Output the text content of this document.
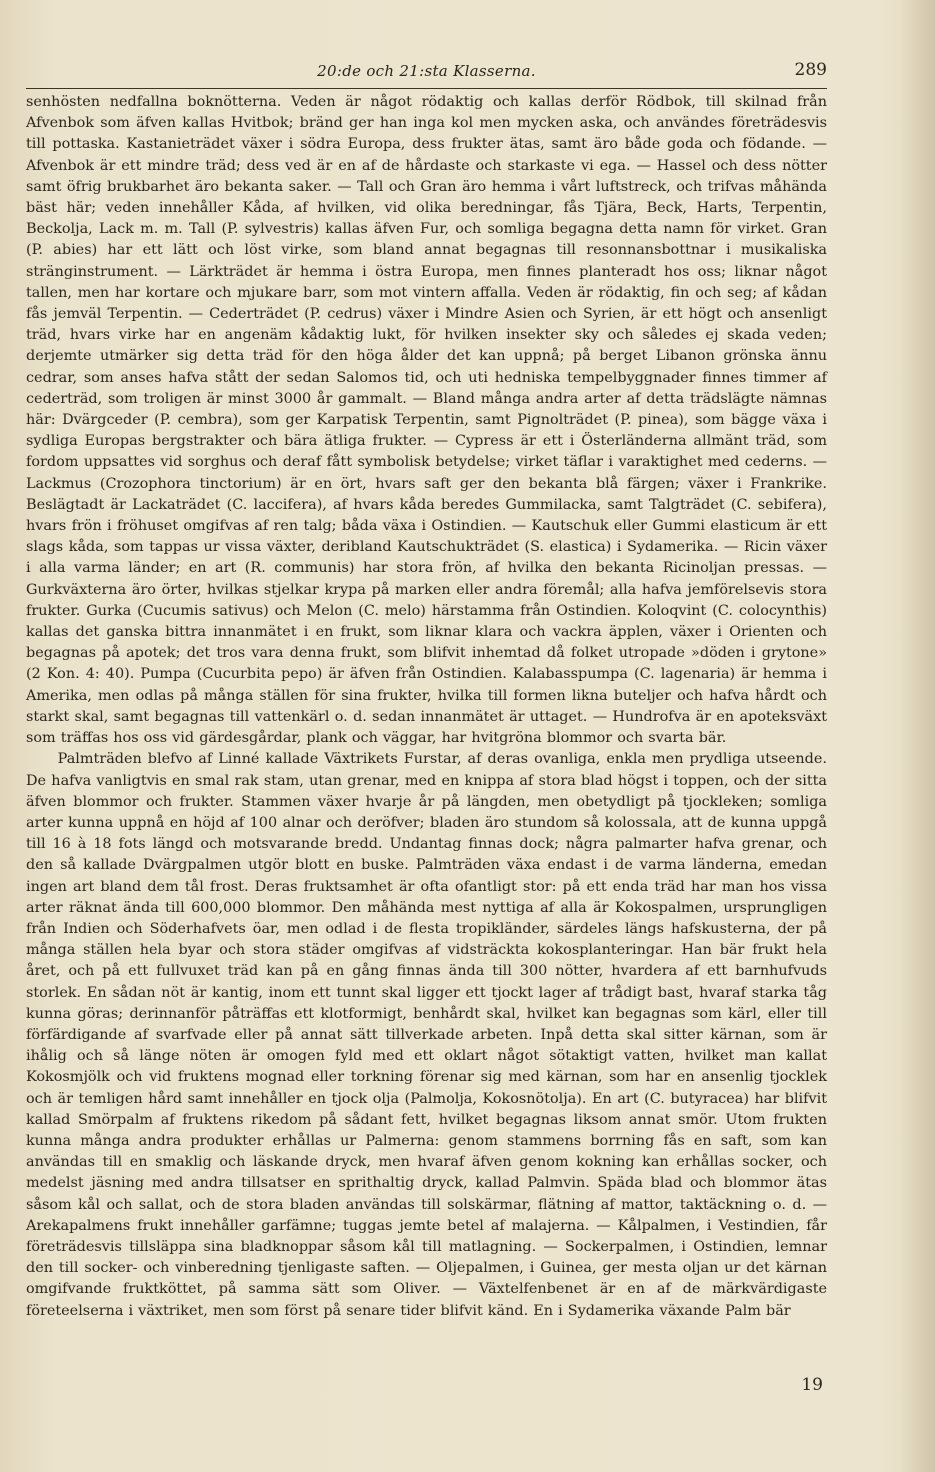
20:de och 21:sta Klasserna.	289

senhösten nedfallna boknötterna. Veden är något rödaktig och kallas derför Rödbok, till skilnad från Afvenbok som äfven kallas Hvitbok; bränd ger han inga kol men mycken aska, och användes företrädesvis till pottaska. Kastanieträdet växer i södra Europa, dess frukter ätas, samt äro både goda och födande. — Afvenbok är ett mindre träd; dess ved är en af de hårdaste och starkaste vi ega. — Hassel och dess nötter samt öfrig brukbarhet äro bekanta saker. — Tall och Gran äro hemma i vårt luftstreck, och trifvas måhända bäst här; veden innehåller Kåda, af hvilken, vid olika beredningar, fås Tjära, Beck, Harts, Terpentin, Beckolja, Lack m. m. Tall (P. sylvestris) kallas äfven Fur, och somliga begagna detta namn för virket. Gran (P. abies) har ett lätt och löst virke, som bland annat begagnas till resonnansbottnar i musikaliska stränginstrument. — Lärkträdet är hemma i östra Europa, men finnes planteradt hos oss; liknar något tallen, men har kortare och mjukare barr, som mot vintern affalla. Veden är rödaktig, fin och seg; af kådan fås jemväl Terpentin. — Cederträdet (P. cedrus) växer i Mindre Asien och Syrien, är ett högt och ansenligt träd, hvars virke har en angenäm kådaktig lukt, för hvilken insekter sky och således ej skada veden; derjemte utmärker sig detta träd för den höga ålder det kan uppnå; på berget Libanon grönska ännu cedrar, som anses hafva stått der sedan Salomos tid, och uti hedniska tempelbyggnader finnes timmer af cederträd, som troligen är minst 3000 år gammalt. — Bland många andra arter af detta trädslägte nämnas här: Dvärgceder (P. cembra), som ger Karpatisk Terpentin, samt Pignolträdet (P. pinea), som bägge växa i sydliga Europas bergstrakter och bära ätliga frukter. — Cypress är ett i Österländerna allmänt träd, som fordom uppsattes vid sorghus och deraf fått symbolisk betydelse; virket täflar i varaktighet med cederns. — Lackmus (Crozophora tinctorium) är en ört, hvars saft ger den bekanta blå färgen; växer i Frankrike. Beslägtadt är Lackaträdet (C. laccifera), af hvars kåda beredes Gummilacka, samt Talgträdet (C. sebifera), hvars frön i fröhuset omgifvas af ren talg; båda växa i Ostindien. — Kautschuk eller Gummi elasticum är ett slags kåda, som tappas ur vissa växter, deribland Kautschukträdet (S. elastica) i Sydamerika. — Ricin växer i alla varma länder; en art (R. communis) har stora frön, af hvilka den bekanta Ricinoljan pressas. — Gurkväxterna äro örter, hvilkas stjelkar krypa på marken eller andra föremål; alla hafva jemförelsevis stora frukter. Gurka (Cucumis sativus) och Melon (C. melo) härstamma från Ostindien. Koloqvint (C. colocynthis) kallas det ganska bittra innanmätet i en frukt, som liknar klara och vackra äpplen, växer i Orienten och begagnas på apotek; det tros vara denna frukt, som blifvit inhemtad då folket utropade »döden i grytone» (2 Kon. 4: 40). Pumpa (Cucurbita pepo) är äfven från Ostindien. Kalabasspumpa (C. lagenaria) är hemma i Amerika, men odlas på många ställen för sina frukter, hvilka till formen likna buteljer och hafva hårdt och starkt skal, samt begagnas till vattenkärl o. d. sedan innanmätet är uttaget. — Hundrofva är en apoteksväxt som träffas hos oss vid gärdesgårdar, plank och väggar, har hvitgröna blommor och svarta bär.

Palmträden blefvo af Linné kallade Växtrikets Furstar, af deras ovanliga, enkla men prydliga utseende. De hafva vanligtvis en smal rak stam, utan grenar, med en knippa af stora blad högst i toppen, och der sitta äfven blommor och frukter. Stammen växer hvarje år på längden, men obetydligt på tjockleken; somliga arter kunna uppnå en höjd af 100 alnar och deröfver; bladen äro stundom så kolossala, att de kunna uppgå till 16 à 18 fots längd och motsvarande bredd. Undantag finnas dock; några palmarter hafva grenar, och den så kallade Dvärgpalmen utgör blott en buske. Palmträden växa endast i de varma länderna, emedan ingen art bland dem tål frost. Deras fruktsamhet är ofta ofantligt stor: på ett enda träd har man hos vissa arter räknat ända till 600,000 blommor. Den måhända mest nyttiga af alla är Kokospalmen, ursprungligen från Indien och Söderhafvets öar, men odlad i de flesta tropikländer, särdeles längs hafskusterna, der på många ställen hela byar och stora städer omgifvas af vidsträckta kokosplanteringar. Han bär frukt hela året, och på ett fullvuxet träd kan på en gång finnas ända till 300 nötter, hvardera af ett barnhufvuds storlek. En sådan nöt är kantig, inom ett tunnt skal ligger ett tjockt lager af trådigt bast, hvaraf starka tåg kunna göras; derinnanför påträffas ett klotformigt, benhårdt skal, hvilket kan begagnas som kärl, eller till förfärdigande af svarfvade eller på annat sätt tillverkade arbeten. Inpå detta skal sitter kärnan, som är ihålig och så länge nöten är omogen fyld med ett oklart något sötaktigt vatten, hvilket man kallat Kokosmjölk och vid fruktens mognad eller torkning förenar sig med kärnan, som har en ansenlig tjocklek och är temligen hård samt innehåller en tjock olja (Palmolja, Kokosnötolja). En art (C. butyracea) har blifvit kallad Smörpalm af fruktens rikedom på sådant fett, hvilket begagnas liksom annat smör. Utom frukten kunna många andra produkter erhållas ur Palmerna: genom stammens borrning fås en saft, som kan användas till en smaklig och läskande dryck, men hvaraf äfven genom kokning kan erhållas socker, och medelst jäsning med andra tillsatser en sprithaltig dryck, kallad Palmvin. Späda blad och blommor ätas såsom kål och sallat, och de stora bladen användas till solskärmar, flätning af mattor, taktäckning o. d. — Arekapalmens frukt innehåller garfämne; tuggas jemte betel af malajerna. — Kålpalmen, i Vestindien, får företrädesvis tillsläppa sina bladknoppar såsom kål till matlagning. — Sockerpalmen, i Ostindien, lemnar den till socker- och vinberedning tjenligaste saften. — Oljepalmen, i Guinea, ger mesta oljan ur det kärnan omgifvande fruktköttet, på samma sätt som Oliver. — Växtelfenbenet är en af de märkvärdigaste företeelserna i växtriket, men som först på senare tider blifvit känd. En i Sydamerika växande Palm bär

19
